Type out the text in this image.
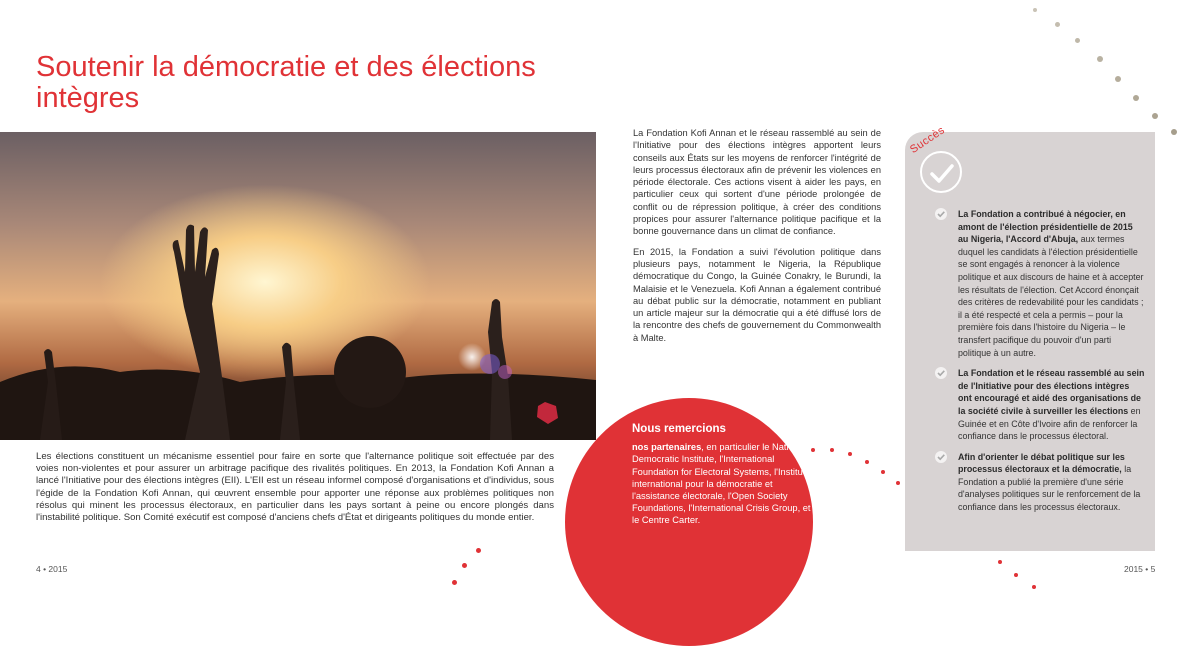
Soutenir la démocratie et des élections intègres

Les élections constituent un mécanisme essentiel pour faire en sorte que l'alternance politique soit effectuée par des voies non-violentes et pour assurer un arbitrage pacifique des rivalités politiques. En 2013, la Fondation Kofi Annan a lancé l'Initiative pour des élections intègres (EII). L'EII est un réseau informel composé d'organisations et d'individus, sous l'égide de la Fondation Kofi Annan, qui œuvrent ensemble pour apporter une réponse aux problèmes politiques non résolus qui minent les processus électoraux, en particulier dans les pays sortant à peine ou encore plongés dans l'instabilité politique. Son Comité exécutif est composé d'anciens chefs d'État et dirigeants politiques du monde entier.

4 • 2015

La Fondation Kofi Annan et le réseau rassemblé au sein de l'Initiative pour des élections intègres apportent leurs conseils aux États sur les moyens de renforcer l'intégrité de leurs processus électoraux afin de prévenir les violences en période électorale. Ces actions visent à aider les pays, en particulier ceux qui sortent d'une période prolongée de conflit ou de répression politique, à créer des conditions propices pour assurer l'alternance politique pacifique et la bonne gouvernance dans un climat de confiance.

En 2015, la Fondation a suivi l'évolution politique dans plusieurs pays, notamment le Nigeria, la République démocratique du Congo, la Guinée Conakry, le Burundi, la Malaisie et le Venezuela. Kofi Annan a également contribué au débat public sur la démocratie, notamment en publiant un article majeur sur la démocratie qui a été diffusé lors de la rencontre des chefs de gouvernement du Commonwealth à Malte.

Nous remercions
nos partenaires, en particulier le National Democratic Institute, l'International Foundation for Electoral Systems, l'Institut international pour la démocratie et l'assistance électorale, l'Open Society Foundations, l'International Crisis Group, et le Centre Carter.
Succès
La Fondation a contribué à négocier, en amont de l'élection présidentielle de 2015 au Nigeria, l'Accord d'Abuja, aux termes duquel les candidats à l'élection présidentielle se sont engagés à renoncer à la violence politique et aux discours de haine et à accepter les résultats de l'élection. Cet Accord énonçait des critères de redevabilité pour les candidats ; il a été respecté et cela a permis – pour la première fois dans l'histoire du Nigeria – le transfert pacifique du pouvoir d'un parti politique à un autre.
La Fondation et le réseau rassemblé au sein de l'Initiative pour des élections intègres ont encouragé et aidé des organisations de la société civile à surveiller les élections en Guinée et en Côte d'Ivoire afin de renforcer la confiance dans le processus électoral.
Afin d'orienter le débat politique sur les processus électoraux et la démocratie, la Fondation a publié la première d'une série d'analyses politiques sur le renforcement de la confiance dans les processus électoraux.
2015 • 5
